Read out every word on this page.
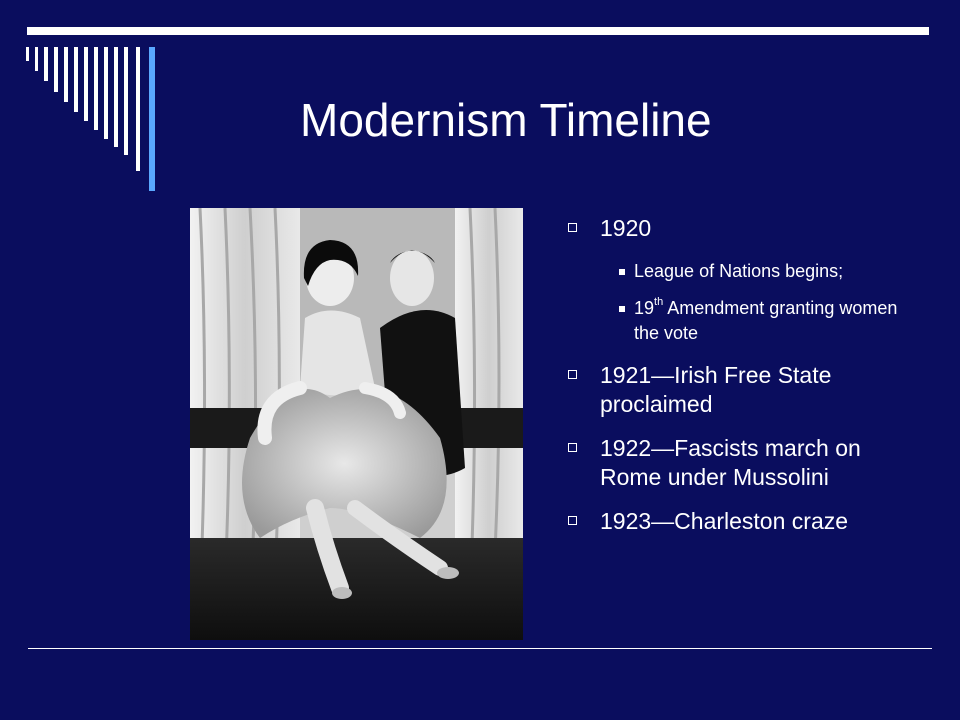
Modernism Timeline
1920
League of Nations begins;
19th Amendment granting women the vote
1921—Irish Free State proclaimed
1922—Fascists march on Rome under Mussolini
1923—Charleston craze
